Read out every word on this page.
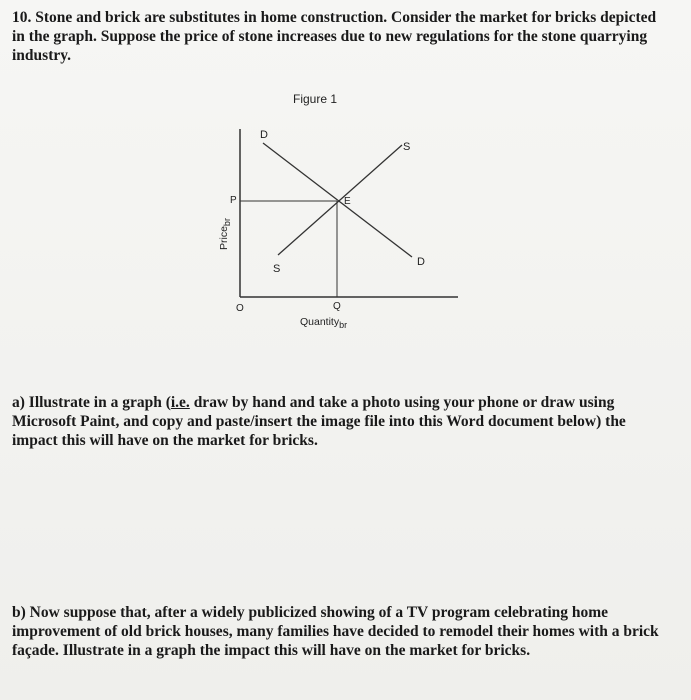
10. Stone and brick are substitutes in home construction. Consider the market for bricks depicted in the graph. Suppose the price of stone increases due to new regulations for the stone quarrying industry.
Figure 1
D
D
S
S
E
P
Q
O
Quantitybr
Pricebr
a) Illustrate in a graph (i.e. draw by hand and take a photo using your phone or draw using Microsoft Paint, and copy and paste/insert the image file into this Word document below) the impact this will have on the market for bricks.
b) Now suppose that, after a widely publicized showing of a TV program celebrating home improvement of old brick houses, many families have decided to remodel their homes with a brick façade. Illustrate in a graph the impact this will have on the market for bricks.
